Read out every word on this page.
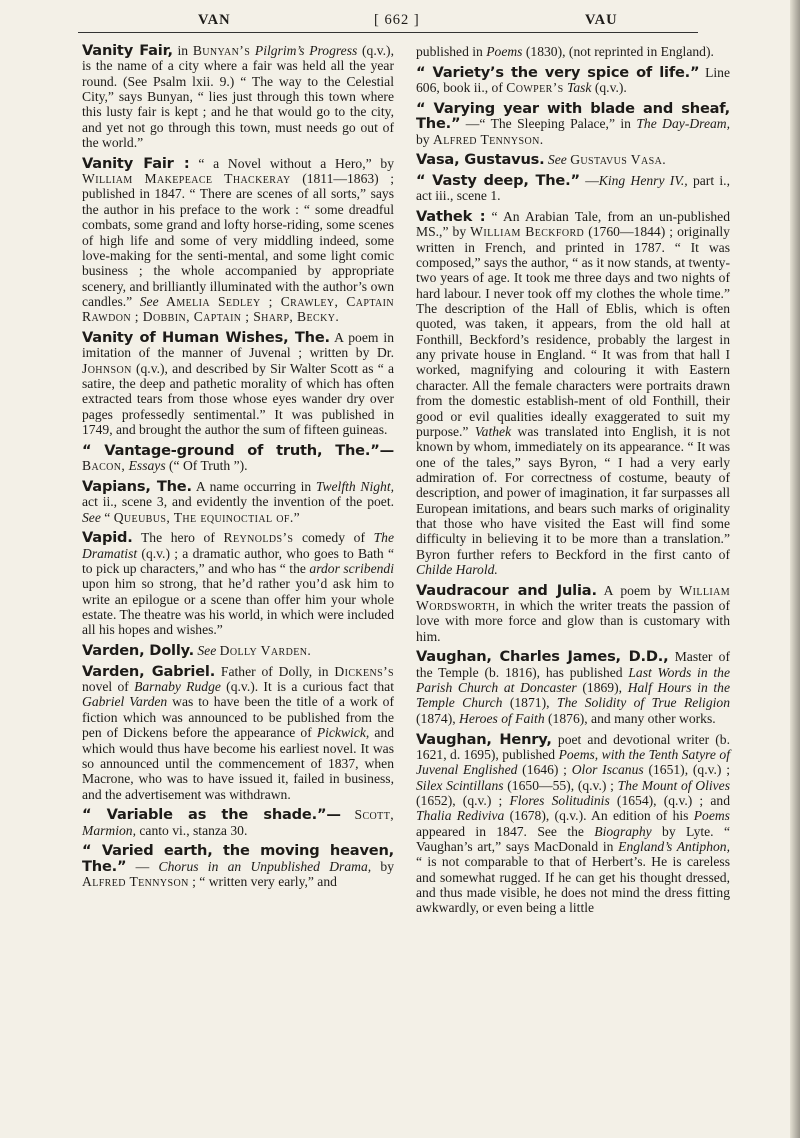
VAN	[ 662 ]	VAU

Vanity Fair, in Bunyan’s Pilgrim’s Progress (q.v.), is the name of a city where a fair was held all the year round. (See Psalm lxii. 9.) “ The way to the Celestial City,” says Bunyan, “ lies just through this town where this lusty fair is kept ; and he that would go to the city, and yet not go through this town, must needs go out of the world.”

Vanity Fair : “ a Novel without a Hero,” by William Makepeace Thackeray (1811—1863) ; published in 1847. “ There are scenes of all sorts,” says the author in his preface to the work : “ some dreadful combats, some grand and lofty horse-riding, some scenes of high life and some of very middling indeed, some love-making for the senti-mental, and some light comic business ; the whole accompanied by appropriate scenery, and brilliantly illuminated with the author’s own candles.” See Amelia Sedley ; Crawley, Captain Rawdon ; Dobbin, Captain ; Sharp, Becky.

Vanity of Human Wishes, The. A poem in imitation of the manner of Juvenal ; written by Dr. Johnson (q.v.), and described by Sir Walter Scott as “ a satire, the deep and pathetic morality of which has often extracted tears from those whose eyes wander dry over pages professedly sentimental.” It was published in 1749, and brought the author the sum of fifteen guineas.

“ Vantage-ground of truth, The.”— Bacon, Essays (“ Of Truth ”).

Vapians, The. A name occurring in Twelfth Night, act ii., scene 3, and evidently the invention of the poet. See “ Queubus, The equinoctial of.”

Vapid. The hero of Reynolds’s comedy of The Dramatist (q.v.) ; a dramatic author, who goes to Bath “ to pick up characters,” and who has “ the ardor scribendi upon him so strong, that he’d rather you’d ask him to write an epilogue or a scene than offer him your whole estate. The theatre was his world, in which were included all his hopes and wishes.”

Varden, Dolly. See Dolly Varden.

Varden, Gabriel. Father of Dolly, in Dickens’s novel of Barnaby Rudge (q.v.). It is a curious fact that Gabriel Varden was to have been the title of a work of fiction which was announced to be published from the pen of Dickens before the appearance of Pickwick, and which would thus have become his earliest novel. It was so announced until the commencement of 1837, when Macrone, who was to have issued it, failed in business, and the advertisement was withdrawn.

“ Variable as the shade.”— Scott, Marmion, canto vi., stanza 30.

“ Varied earth, the moving heaven, The.” — Chorus in an Unpublished Drama, by Alfred Tennyson ; “ written very early,” and

published in Poems (1830), (not reprinted in England).

“ Variety’s the very spice of life.” Line 606, book ii., of Cowper’s Task (q.v.).

“ Varying year with blade and sheaf, The.” —“ The Sleeping Palace,” in The Day-Dream, by Alfred Tennyson.

Vasa, Gustavus. See Gustavus Vasa.

“ Vasty deep, The.” —King Henry IV., part i., act iii., scene 1.

Vathek : “ An Arabian Tale, from an un-published MS.,” by William Beckford (1760—1844) ; originally written in French, and printed in 1787. “ It was composed,” says the author, “ as it now stands, at twenty-two years of age. It took me three days and two nights of hard labour. I never took off my clothes the whole time.” The description of the Hall of Eblis, which is often quoted, was taken, it appears, from the old hall at Fonthill, Beckford’s residence, probably the largest in any private house in England. “ It was from that hall I worked, magnifying and colouring it with Eastern character. All the female characters were portraits drawn from the domestic establish-ment of old Fonthill, their good or evil qualities ideally exaggerated to suit my purpose.” Vathek was translated into English, it is not known by whom, immediately on its appearance. “ It was one of the tales,” says Byron, “ I had a very early admiration of. For correctness of costume, beauty of description, and power of imagination, it far surpasses all European imitations, and bears such marks of originality that those who have visited the East will find some difficulty in believing it to be more than a translation.” Byron further refers to Beckford in the first canto of Childe Harold.

Vaudracour and Julia. A poem by William Wordsworth, in which the writer treats the passion of love with more force and glow than is customary with him.

Vaughan, Charles James, D.D., Master of the Temple (b. 1816), has published Last Words in the Parish Church at Doncaster (1869), Half Hours in the Temple Church (1871), The Solidity of True Religion (1874), Heroes of Faith (1876), and many other works.

Vaughan, Henry, poet and devotional writer (b. 1621, d. 1695), published Poems, with the Tenth Satyre of Juvenal Englished (1646) ; Olor Iscanus (1651), (q.v.) ; Silex Scintillans (1650—55), (q.v.) ; The Mount of Olives (1652), (q.v.) ; Flores Solitudinis (1654), (q.v.) ; and Thalia Rediviva (1678), (q.v.). An edition of his Poems appeared in 1847. See the Biography by Lyte. “ Vaughan’s art,” says MacDonald in England’s Antiphon, “ is not comparable to that of Herbert’s. He is careless and somewhat rugged. If he can get his thought dressed, and thus made visible, he does not mind the dress fitting awkwardly, or even being a little
